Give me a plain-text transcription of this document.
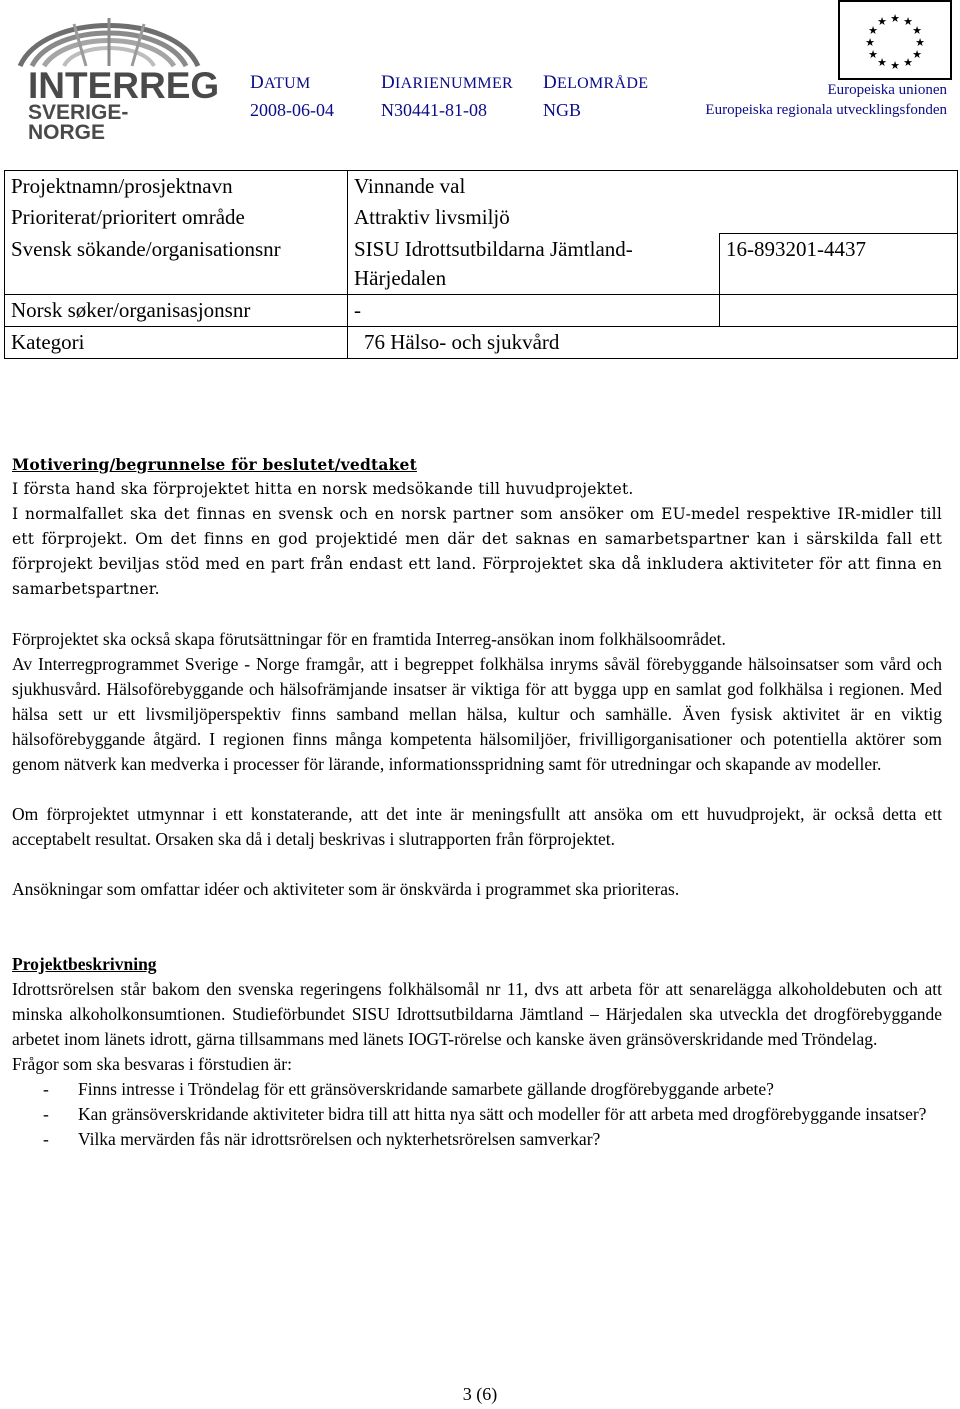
INTERREG
SVERIGE-NORGE
DATUM
2008-06-04
DIARIENUMMER
N30441-81-08
DELOMRÅDE
NGB
★ ★
★
★
★
★
★
★
★
★
★
★
Europeiska unionen
Europeiska regionala utvecklingsfonden
Projektnamn/prosjektnavn	Vinnande val	
Prioriterat/prioritert område	Attraktiv livsmiljö	
Svensk sökande/organisationsnr	SISU Idrottsutbildarna Jämtland-Härjedalen	16-893201-4437
Norsk søker/organisasjonsnr	-	
Kategori	76 Hälso- och sjukvård	

Motivering/begrunnelse för beslutet/vedtaket

I första hand ska förprojektet hitta en norsk medsökande till huvudprojektet.

I normalfallet ska det finnas en svensk och en norsk partner som ansöker om EU-medel respektive IR-midler till ett förprojekt. Om det finns en god projektidé men där det saknas en samarbetspartner kan i särskilda fall ett förprojekt beviljas stöd med en part från endast ett land. Förprojektet ska då inkludera aktiviteter för att finna en samarbetspartner.

Förprojektet ska också skapa förutsättningar för en framtida Interreg-ansökan inom folkhälsoområdet.

Av Interregprogrammet Sverige - Norge framgår, att i begreppet folkhälsa inryms såväl förebyggande hälsoinsatser som vård och sjukhusvård. Hälsoförebyggande och hälsofrämjande insatser är viktiga för att bygga upp en samlat god folkhälsa i regionen. Med hälsa sett ur ett livsmiljöperspektiv finns samband mellan hälsa, kultur och samhälle. Även fysisk aktivitet är en viktig hälsoförebyggande åtgärd. I regionen finns många kompetenta hälsomiljöer, frivilligorganisationer och potentiella aktörer som genom nätverk kan medverka i processer för lärande, informationsspridning samt för utredningar och skapande av modeller.

Om förprojektet utmynnar i ett konstaterande, att det inte är meningsfullt att ansöka om ett huvudprojekt, är också detta ett acceptabelt resultat. Orsaken ska då i detalj beskrivas i slutrapporten från förprojektet.

Ansökningar som omfattar idéer och aktiviteter som är önskvärda i programmet ska prioriteras.

Projektbeskrivning

Idrottsrörelsen står bakom den svenska regeringens folkhälsomål nr 11, dvs att arbeta för att senarelägga alkoholdebuten och att minska alkoholkonsumtionen. Studieförbundet SISU Idrottsutbildarna Jämtland – Härjedalen ska utveckla det drogförebyggande arbetet inom länets idrott, gärna tillsammans med länets IOGT-rörelse och kanske även gränsöverskridande med Tröndelag.

Frågor som ska besvaras i förstudien är:

- Finns intresse i Tröndelag för ett gränsöverskridande samarbete gällande drogförebyggande arbete?
- Kan gränsöverskridande aktiviteter bidra till att hitta nya sätt och modeller för att arbeta med drogförebyggande insatser?
- Vilka mervärden fås när idrottsrörelsen och nykterhetsrörelsen samverkar?
3 (6)
